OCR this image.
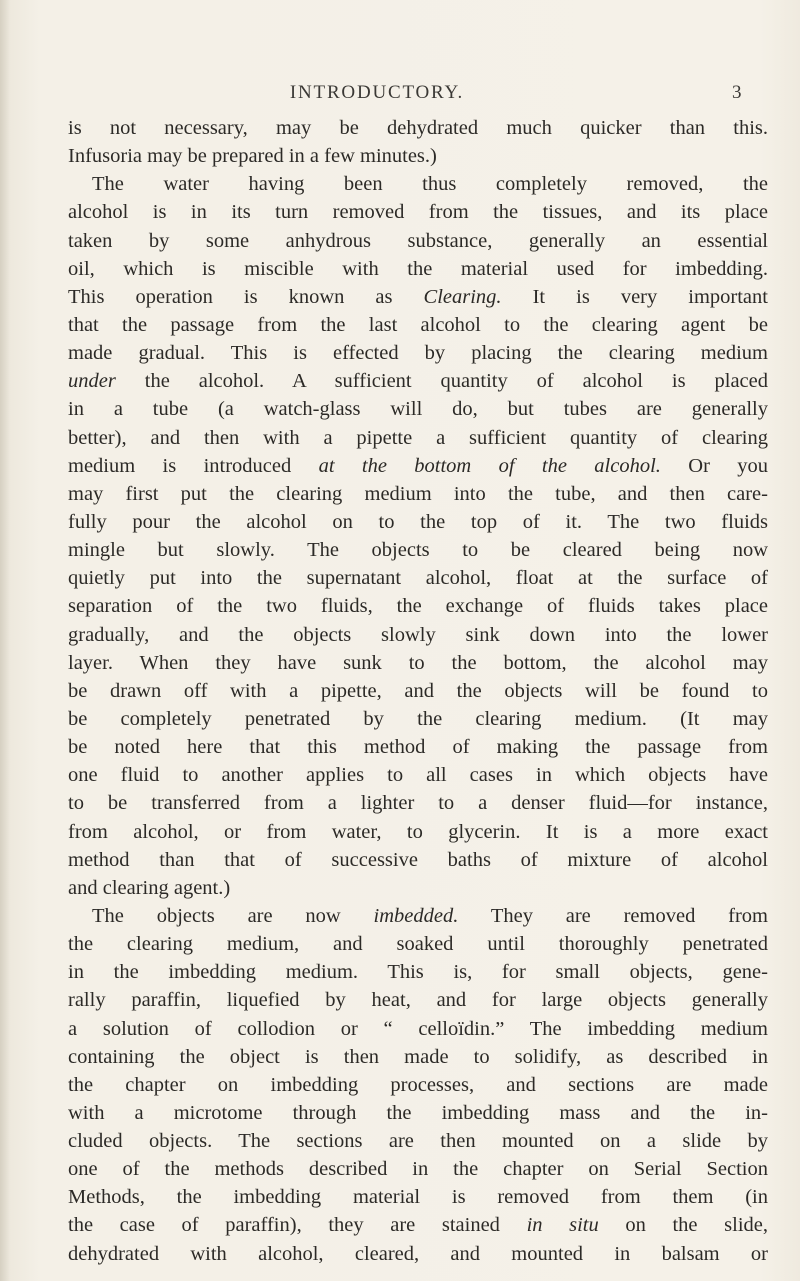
INTRODUCTORY.	3
is not necessary, may be dehydrated much quicker than this.
Infusoria may be prepared in a few minutes.)
The water having been thus completely removed, the
alcohol is in its turn removed from the tissues, and its place
taken by some anhydrous substance, generally an essential
oil, which is miscible with the material used for imbedding.
This operation is known as Clearing. It is very important
that the passage from the last alcohol to the clearing agent be
made gradual. This is effected by placing the clearing medium
under the alcohol. A sufficient quantity of alcohol is placed
in a tube (a watch-glass will do, but tubes are generally
better), and then with a pipette a sufficient quantity of clearing
medium is introduced at the bottom of the alcohol. Or you
may first put the clearing medium into the tube, and then care-
fully pour the alcohol on to the top of it. The two fluids
mingle but slowly. The objects to be cleared being now
quietly put into the supernatant alcohol, float at the surface of
separation of the two fluids, the exchange of fluids takes place
gradually, and the objects slowly sink down into the lower
layer. When they have sunk to the bottom, the alcohol may
be drawn off with a pipette, and the objects will be found to
be completely penetrated by the clearing medium. (It may
be noted here that this method of making the passage from
one fluid to another applies to all cases in which objects have
to be transferred from a lighter to a denser fluid—for instance,
from alcohol, or from water, to glycerin. It is a more exact
method than that of successive baths of mixture of alcohol
and clearing agent.)
The objects are now imbedded. They are removed from
the clearing medium, and soaked until thoroughly penetrated
in the imbedding medium. This is, for small objects, gene-
rally paraffin, liquefied by heat, and for large objects generally
a solution of collodion or “ celloïdin.” The imbedding medium
containing the object is then made to solidify, as described in
the chapter on imbedding processes, and sections are made
with a microtome through the imbedding mass and the in-
cluded objects. The sections are then mounted on a slide by
one of the methods described in the chapter on Serial Section
Methods, the imbedding material is removed from them (in
the case of paraffin), they are stained in situ on the slide,
dehydrated with alcohol, cleared, and mounted in balsam or
